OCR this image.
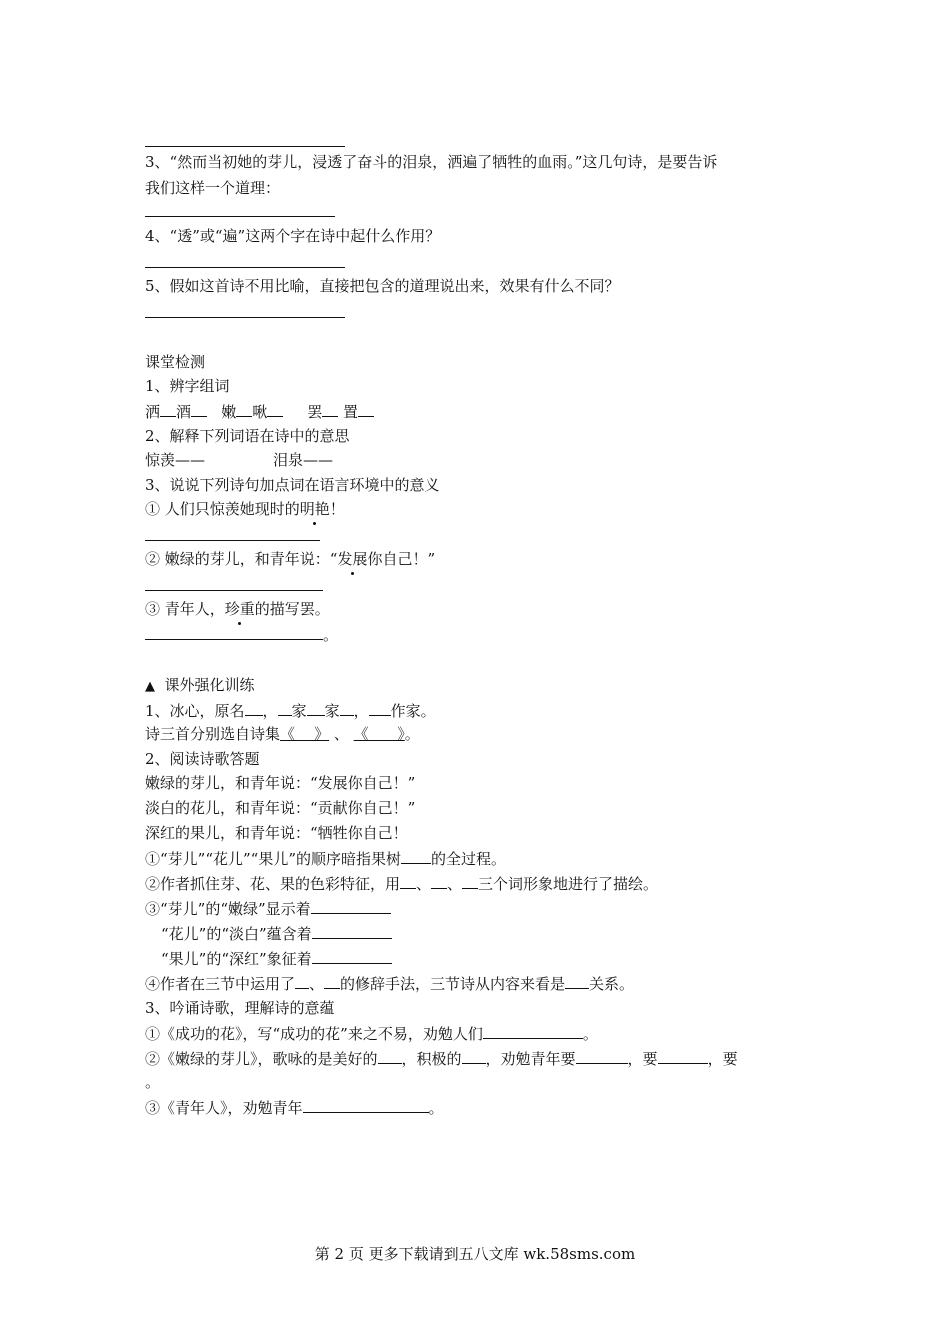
3、“然而当初她的芽儿，浸透了奋斗的泪泉，洒遍了牺牲的血雨。”这几句诗，是要告诉
我们这样一个道理：
4、“透”或“遍”这两个字在诗中起什么作用？
5、假如这首诗不用比喻，直接把包含的道理说出来，效果有什么不同？
课堂检测
1、辨字组词
洒 酒 嫩 啾	罢 置
2、解释下列词语在诗中的意思
惊羡——	泪泉——
3、说说下列诗句加点词在语言环境中的意义
① 人们只惊羡她现时的明艳！
② 嫩绿的芽儿，和青年说：“发展你自己！”
③ 青年人，珍重的描写罢。
。
▲ 课外强化训练
1、冰心，原名 ， 家 家 ， 作家。
诗三首分别选自诗集《    》 、 《      》。
2、阅读诗歌答题
嫩绿的芽儿，和青年说：“发展你自己！”
淡白的花儿，和青年说：“贡献你自己！”
深红的果儿，和青年说：“牺牲你自己！
①“芽儿”“花儿”“果儿”的顺序暗指果树 的全过程。
②作者抓住芽、花、果的色彩特征，用 、 、 三个词形象地进行了描绘。
③“芽儿”的“嫩绿”显示着
“花儿”的“淡白”蕴含着
“果儿”的“深红”象征着
④作者在三节中运用了 、 的修辞手法，三节诗从内容来看是 关系。
3、吟诵诗歌，理解诗的意蕴
①《成功的花》，写“成功的花”来之不易，劝勉人们	。
②《嫩绿的芽儿》，歌咏的是美好的 ，积极的 ，劝勉青年要	，要	，要
。
③《青年人》，劝勉青年	。
第 2 页 更多下载请到五八文库 wk.58sms.com
